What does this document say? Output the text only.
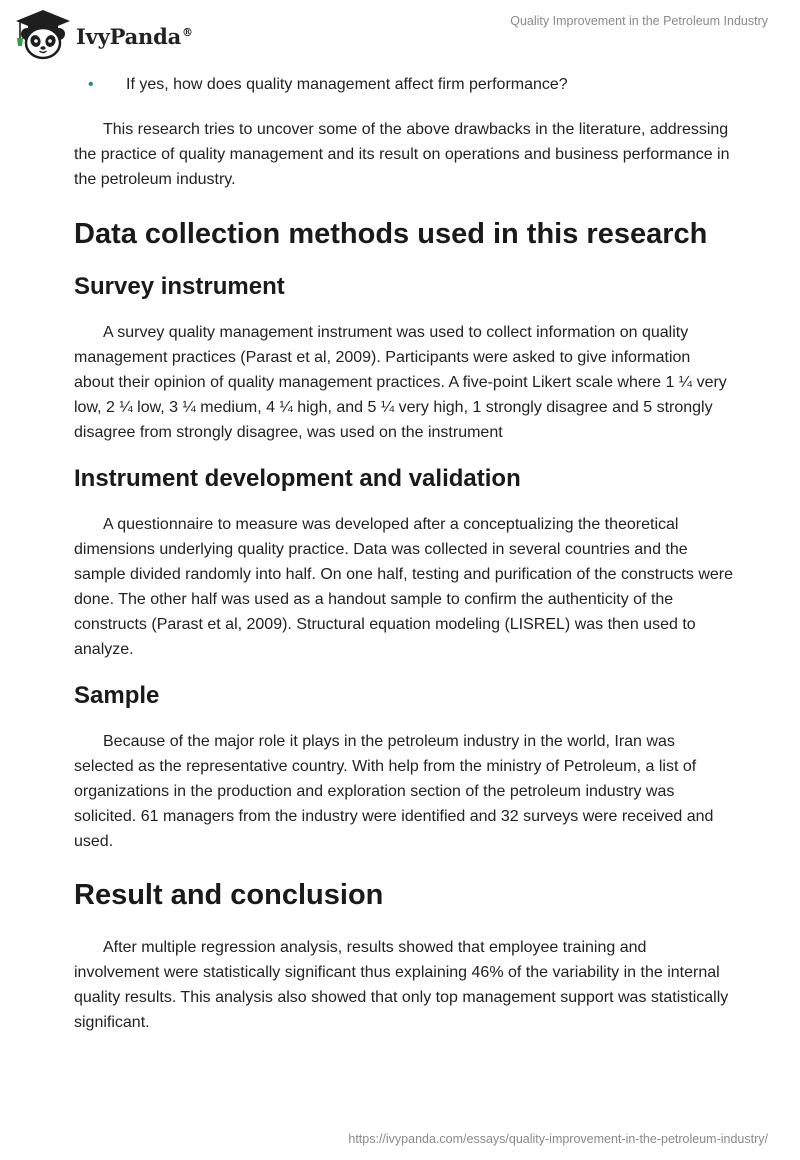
IvyPanda®
Quality Improvement in the Petroleum Industry
• If yes, how does quality management affect firm performance?

This research tries to uncover some of the above drawbacks in the literature, addressing the practice of quality management and its result on operations and business performance in the petroleum industry.

Data collection methods used in this research
Survey instrument

A survey quality management instrument was used to collect information on quality management practices (Parast et al, 2009). Participants were asked to give information about their opinion of quality management practices. A five-point Likert scale where 1 ¼ very low, 2 ¼ low, 3 ¼ medium, 4 ¼ high, and 5 ¼ very high, 1 strongly disagree and 5 strongly disagree from strongly disagree, was used on the instrument

Instrument development and validation

A questionnaire to measure was developed after a conceptualizing the theoretical dimensions underlying quality practice. Data was collected in several countries and the sample divided randomly into half. On one half, testing and purification of the constructs were done. The other half was used as a handout sample to confirm the authenticity of the constructs (Parast et al, 2009). Structural equation modeling (LISREL) was then used to analyze.

Sample

Because of the major role it plays in the petroleum industry in the world, Iran was selected as the representative country. With help from the ministry of Petroleum, a list of organizations in the production and exploration section of the petroleum industry was solicited. 61 managers from the industry were identified and 32 surveys were received and used.

Result and conclusion

After multiple regression analysis, results showed that employee training and involvement were statistically significant thus explaining 46% of the variability in the internal quality results. This analysis also showed that only top management support was statistically significant.

https://ivypanda.com/essays/quality-improvement-in-the-petroleum-industry/
